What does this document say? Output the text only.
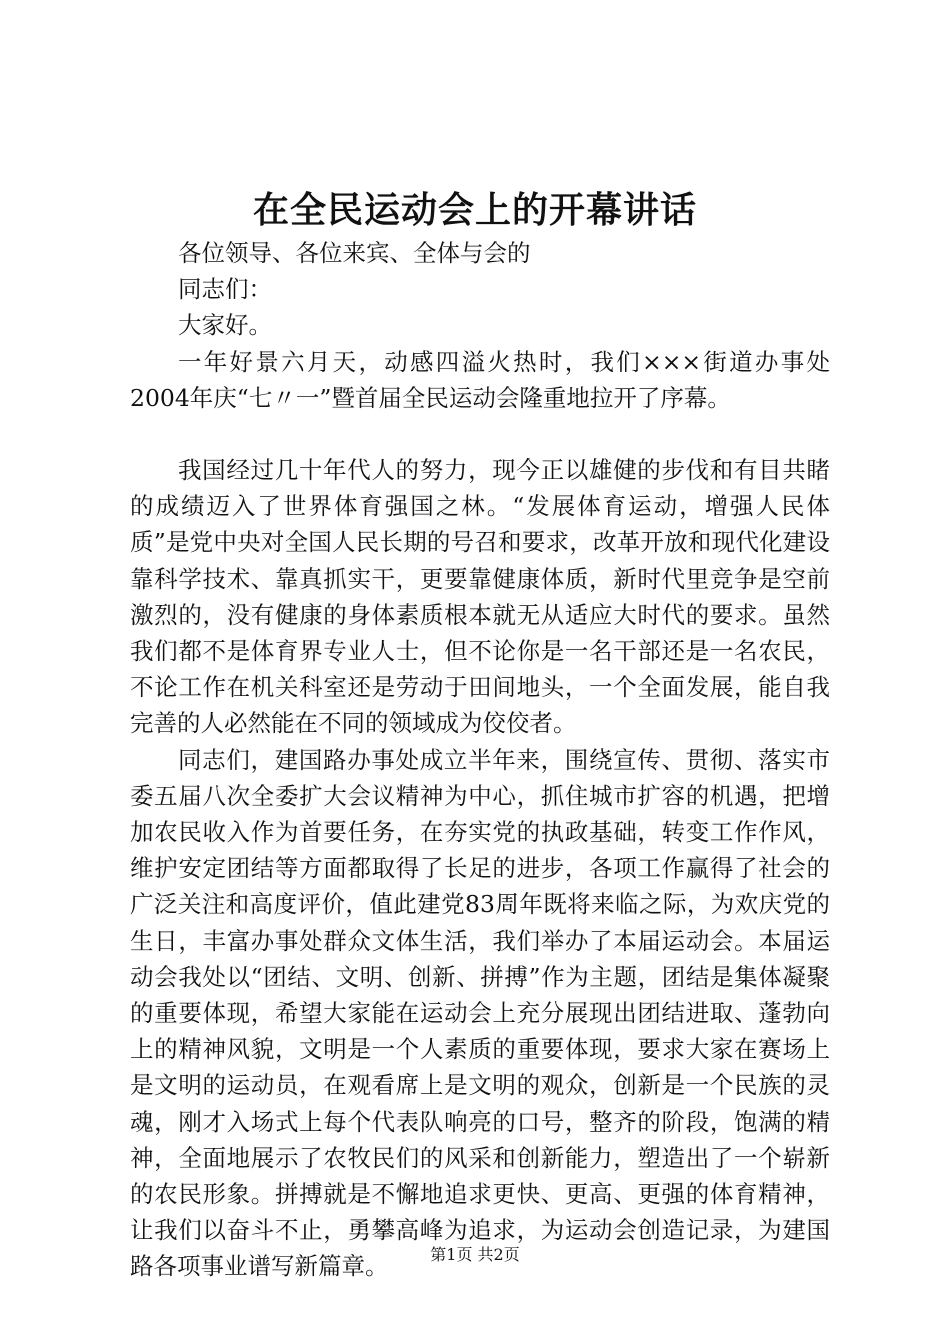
在全民运动会上的开幕讲话

各位领导、各位来宾、全体与会的

同志们：

大家好。

一年好景六月天，动感四溢火热时，我们×××街道办事处2004年庆“七〃一”暨首届全民运动会隆重地拉开了序幕。

我国经过几十年代人的努力，现今正以雄健的步伐和有目共睹的成绩迈入了世界体育强国之林。“发展体育运动，增强人民体质”是党中央对全国人民长期的号召和要求，改革开放和现代化建设靠科学技术、靠真抓实干，更要靠健康体质，新时代里竞争是空前激烈的，没有健康的身体素质根本就无从适应大时代的要求。虽然我们都不是体育界专业人士，但不论你是一名干部还是一名农民，不论工作在机关科室还是劳动于田间地头，一个全面发展，能自我完善的人必然能在不同的领域成为佼佼者。

同志们，建国路办事处成立半年来，围绕宣传、贯彻、落实市委五届八次全委扩大会议精神为中心，抓住城市扩容的机遇，把增加农民收入作为首要任务，在夯实党的执政基础，转变工作作风，维护安定团结等方面都取得了长足的进步，各项工作赢得了社会的广泛关注和高度评价，值此建党83周年既将来临之际，为欢庆党的生日，丰富办事处群众文体生活，我们举办了本届运动会。本届运动会我处以“团结、文明、创新、拼搏”作为主题，团结是集体凝聚的重要体现，希望大家能在运动会上充分展现出团结进取、蓬勃向上的精神风貌，文明是一个人素质的重要体现，要求大家在赛场上是文明的运动员，在观看席上是文明的观众，创新是一个民族的灵魂，刚才入场式上每个代表队响亮的口号，整齐的阶段，饱满的精神，全面地展示了农牧民们的风采和创新能力，塑造出了一个崭新的农民形象。拼搏就是不懈地追求更快、更高、更强的体育精神，让我们以奋斗不止，勇攀高峰为追求，为运动会创造记录，为建国路各项事业谱写新篇章。	第1页 共2页
